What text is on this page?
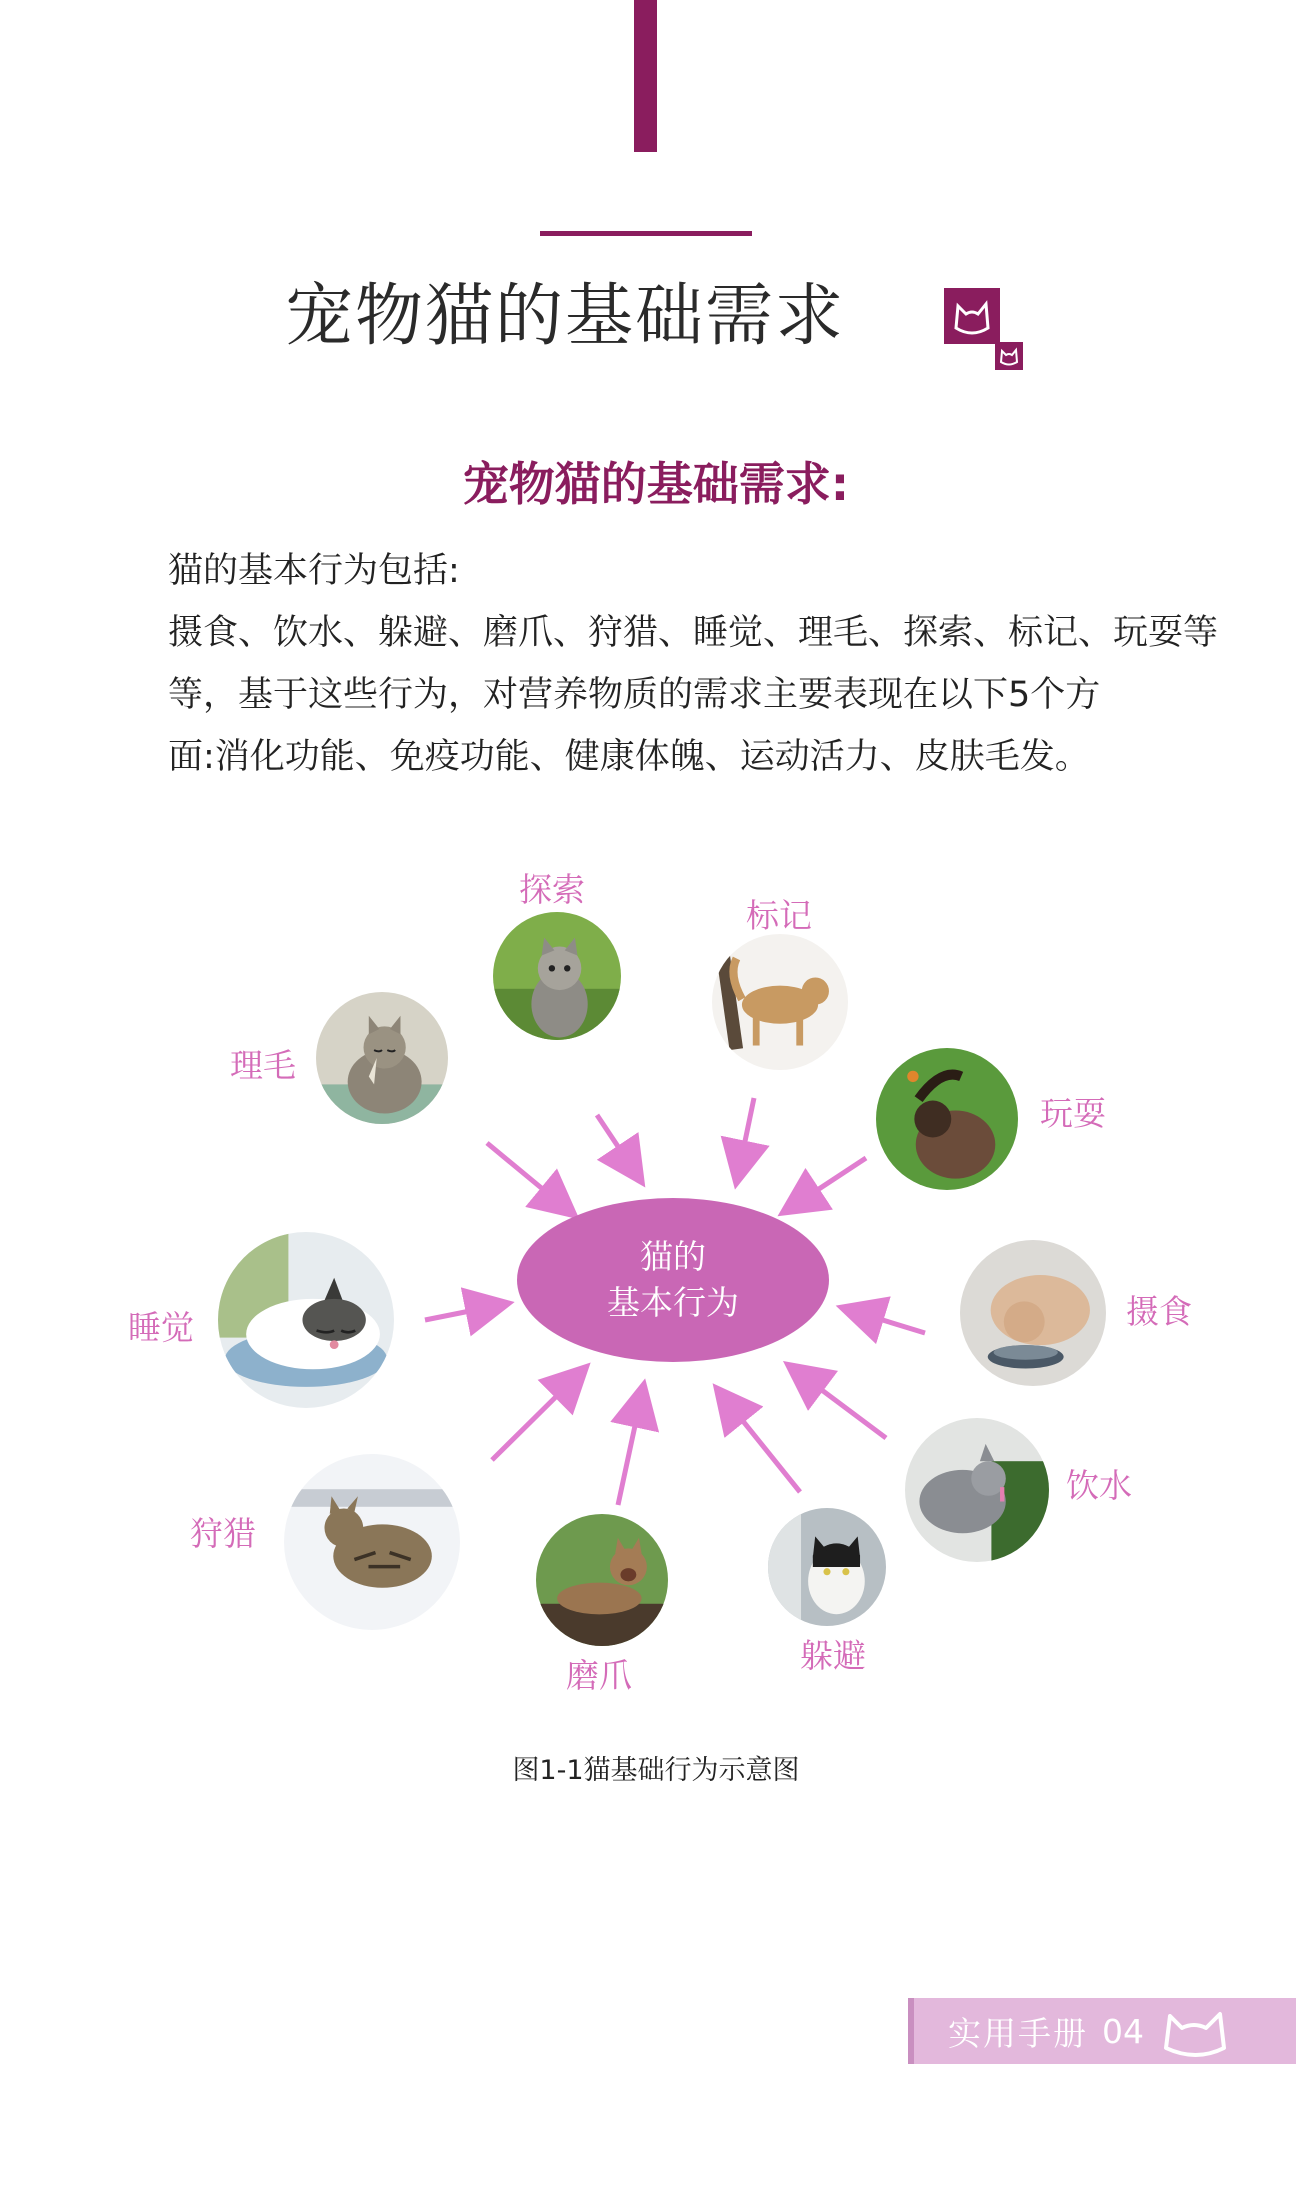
宠物猫的基础需求
宠物猫的基础需求:
猫的基本行为包括:
摄食、饮水、躲避、磨爪、狩猎、睡觉、理毛、探索、标记、玩耍等
等，基于这些行为，对营养物质的需求主要表现在以下5个方
面:消化功能、免疫功能、健康体魄、运动活力、皮肤毛发。
猫的
基本行为
探索
标记
玩耍
摄食
饮水
躲避
磨爪
狩猎
睡觉
理毛
图1-1猫基础行为示意图
实用手册 04
